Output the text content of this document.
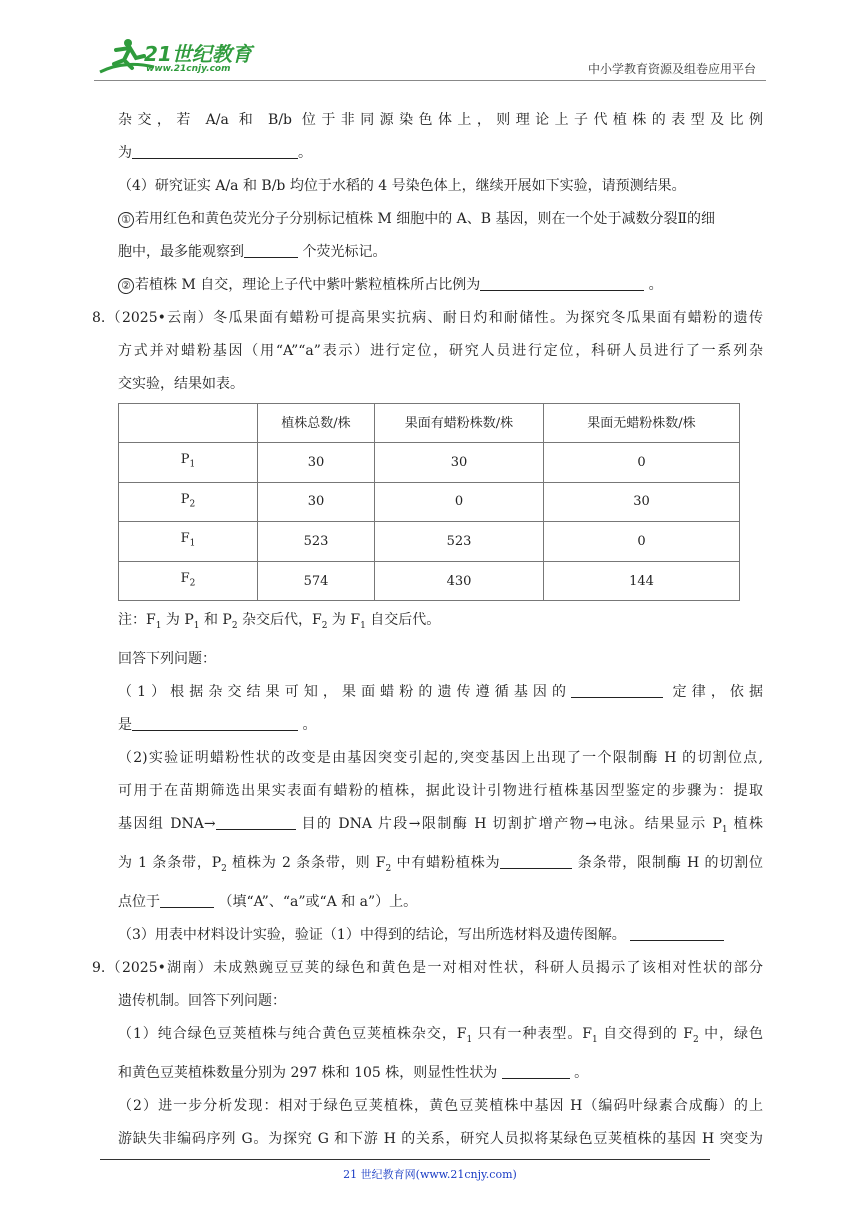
21世纪教育
www.21cnjy.com	中小学教育资源及组卷应用平台

杂交，若 A/a 和 B/b 位于非同源染色体上，则理论上子代植株的表型及比例

为	。

（4）研究证实 A/a 和 B/b 均位于水稻的 4 号染色体上，继续开展如下实验，请预测结果。

① 若用红色和黄色荧光分子分别标记植株 M 细胞中的 A、B 基因，则在一个处于减数分裂Ⅱ的细

胞中，最多能观察到	个荧光标记。

② 若植株 M 自交，理论上子代中紫叶紫粒植株所占比例为	。

8.（2025•云南）冬瓜果面有蜡粉可提高果实抗病、耐日灼和耐储性。为探究冬瓜果面有蜡粉的遗传

方式并对蜡粉基因（用“A”“a”表示）进行定位，研究人员进行定位，科研人员进行了一系列杂

交实验，结果如表。

	植株总数/株	果面有蜡粉株数/株	果面无蜡粉株数/株
$P_1$	30	30	0
$P_2$	30	0	30
$F_1$	523	523	0
$F_2$	574	430	144

注：$F_1$ 为 $P_1$ 和 $P_2$ 杂交后代，$F_2$ 为 $F_1$ 自交后代。

回答下列问题：

（1）根据杂交结果可知，果面蜡粉的遗传遵循基因的	定律，依据

是	。

（2)实验证明蜡粉性状的改变是由基因突变引起的,突变基因上出现了一个限制酶 H 的切割位点,

可用于在苗期筛选出果实表面有蜡粉的植株，据此设计引物进行植株基因型鉴定的步骤为：提取

基因组 DNA→	目的 DNA 片段→限制酶 H 切割扩增产物→电泳。结果显示 $P_1$ 植株

为 1 条条带，$P_2$ 植株为 2 条条带，则 $F_2$ 中有蜡粉植株为	条条带，限制酶 H 的切割位

点位于	（填“A”、“a”或“A 和 a”）上。

（3）用表中材料设计实验，验证（1）中得到的结论，写出所选材料及遗传图解。

9.（2025•湖南）未成熟豌豆豆荚的绿色和黄色是一对相对性状，科研人员揭示了该相对性状的部分

遗传机制。回答下列问题：

（1）纯合绿色豆荚植株与纯合黄色豆荚植株杂交，$F_1$ 只有一种表型。$F_1$ 自交得到的 $F_2$ 中，绿色

和黄色豆荚植株数量分别为 297 株和 105 株，则显性性状为	。

（2）进一步分析发现：相对于绿色豆荚植株，黄色豆荚植株中基因 H（编码叶绿素合成酶）的上

游缺失非编码序列 G。为探究 G 和下游 H 的关系，研究人员拟将某绿色豆荚植株的基因 H 突变为

21 世纪教育网(www.21cnjy.com)
